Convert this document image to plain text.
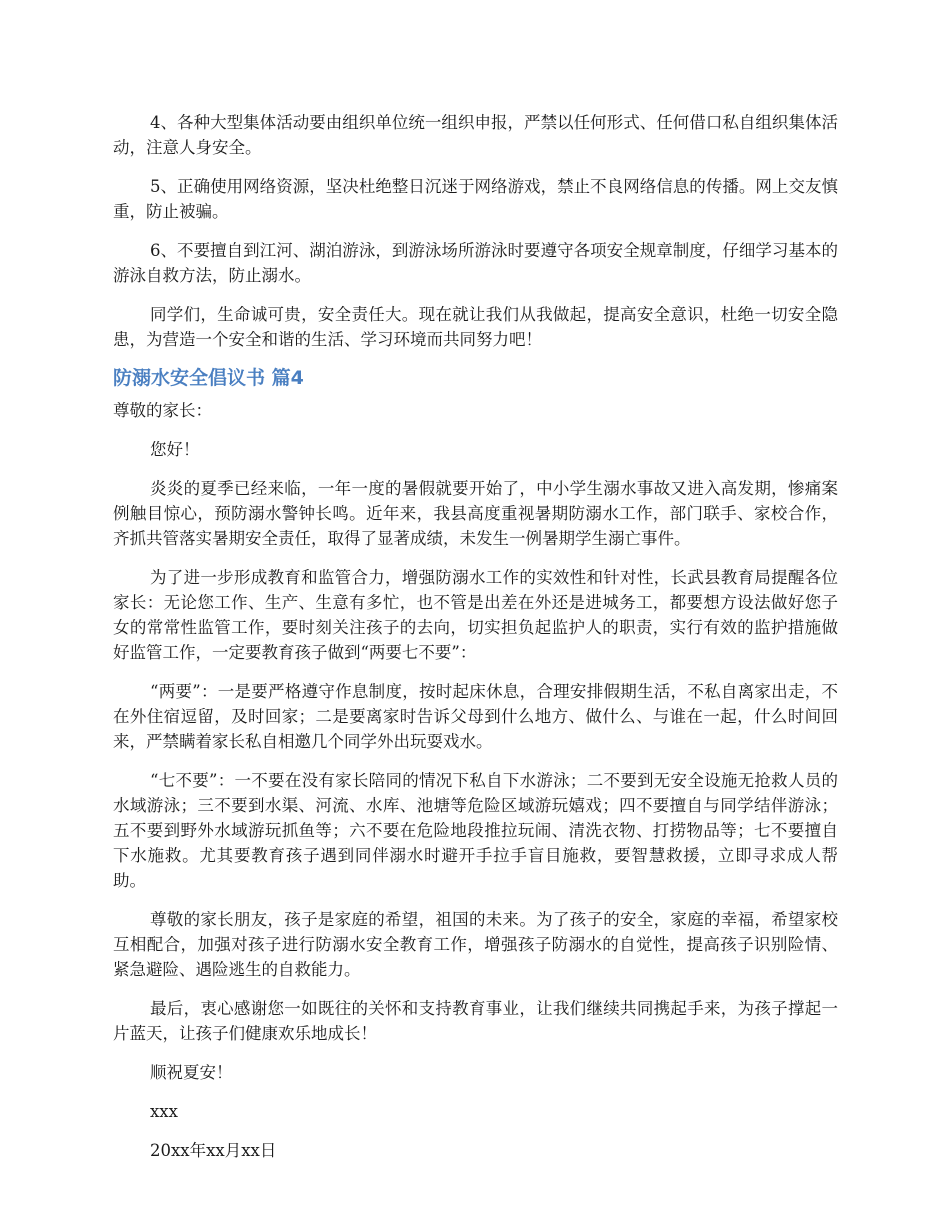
4、各种大型集体活动要由组织单位统一组织申报，严禁以任何形式、任何借口私自组织集体活动，注意人身安全。

5、正确使用网络资源，坚决杜绝整日沉迷于网络游戏，禁止不良网络信息的传播。网上交友慎重，防止被骗。

6、不要擅自到江河、湖泊游泳，到游泳场所游泳时要遵守各项安全规章制度，仔细学习基本的游泳自救方法，防止溺水。

同学们，生命诚可贵，安全责任大。现在就让我们从我做起，提高安全意识，杜绝一切安全隐患，为营造一个安全和谐的生活、学习环境而共同努力吧！

防溺水安全倡议书 篇4

尊敬的家长：

您好！

炎炎的夏季已经来临，一年一度的暑假就要开始了，中小学生溺水事故又进入高发期，惨痛案例触目惊心，预防溺水警钟长鸣。近年来，我县高度重视暑期防溺水工作，部门联手、家校合作，齐抓共管落实暑期安全责任，取得了显著成绩，未发生一例暑期学生溺亡事件。

为了进一步形成教育和监管合力，增强防溺水工作的实效性和针对性，长武县教育局提醒各位家长：无论您工作、生产、生意有多忙，也不管是出差在外还是进城务工，都要想方设法做好您子女的常常性监管工作，要时刻关注孩子的去向，切实担负起监护人的职责，实行有效的监护措施做好监管工作，一定要教育孩子做到“两要七不要”：

“两要”：一是要严格遵守作息制度，按时起床休息，合理安排假期生活，不私自离家出走，不在外住宿逗留，及时回家；二是要离家时告诉父母到什么地方、做什么、与谁在一起，什么时间回来，严禁瞒着家长私自相邀几个同学外出玩耍戏水。

“七不要”：一不要在没有家长陪同的情况下私自下水游泳；二不要到无安全设施无抢救人员的水域游泳；三不要到水渠、河流、水库、池塘等危险区域游玩嬉戏；四不要擅自与同学结伴游泳；五不要到野外水域游玩抓鱼等；六不要在危险地段推拉玩闹、清洗衣物、打捞物品等；七不要擅自下水施救。尤其要教育孩子遇到同伴溺水时避开手拉手盲目施救，要智慧救援，立即寻求成人帮助。

尊敬的家长朋友，孩子是家庭的希望，祖国的未来。为了孩子的安全，家庭的幸福，希望家校互相配合，加强对孩子进行防溺水安全教育工作，增强孩子防溺水的自觉性，提高孩子识别险情、紧急避险、遇险逃生的自救能力。

最后，衷心感谢您一如既往的关怀和支持教育事业，让我们继续共同携起手来，为孩子撑起一片蓝天，让孩子们健康欢乐地成长！

顺祝夏安！

xxx

20xx年xx月xx日
